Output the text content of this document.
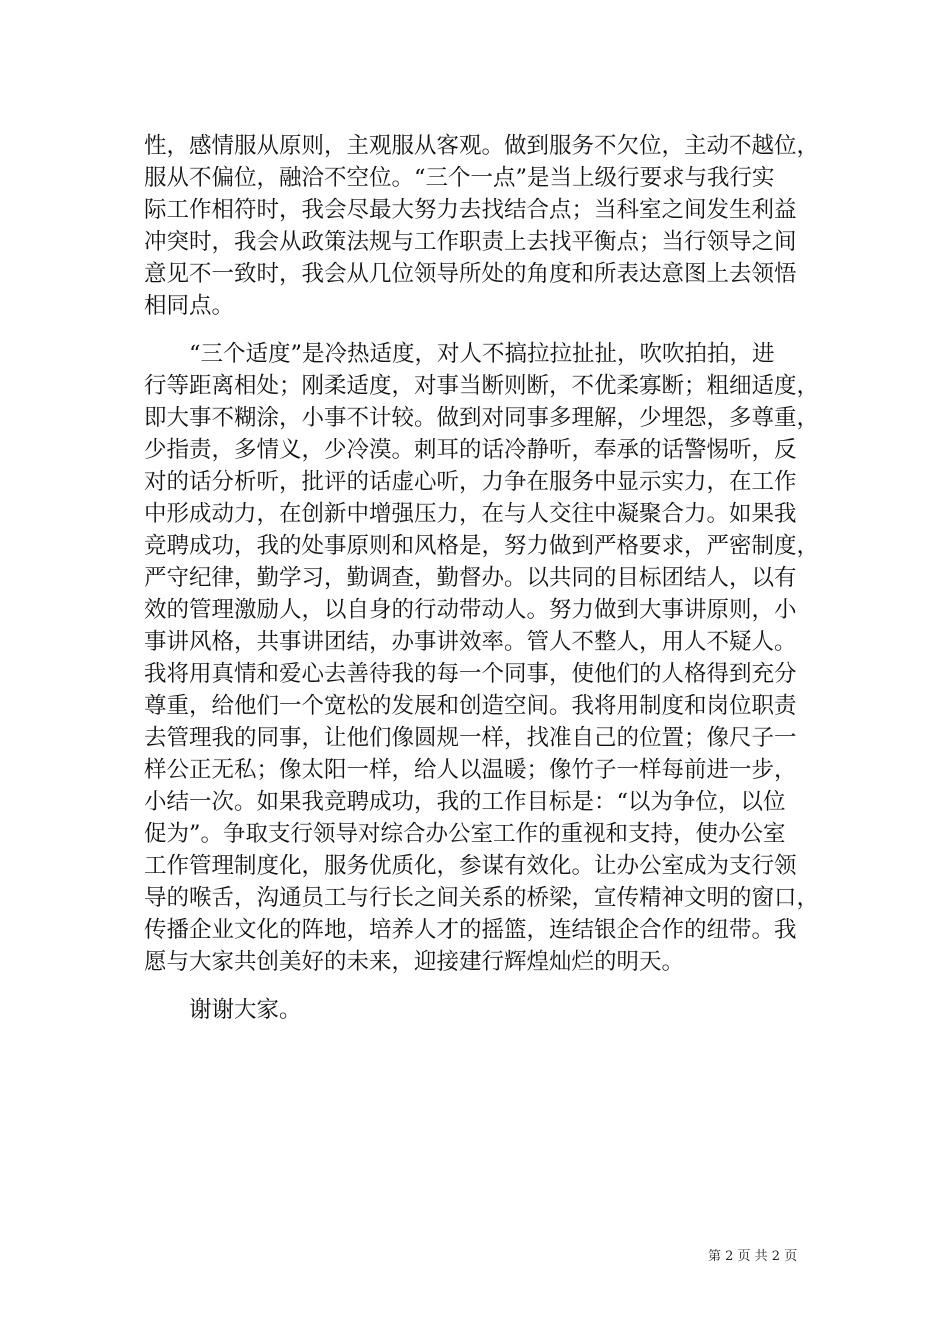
性，感情服从原则，主观服从客观。做到服务不欠位，主动不越位，
服从不偏位，融洽不空位。“三个一点”是当上级行要求与我行实
际工作相符时，我会尽最大努力去找结合点；当科室之间发生利益
冲突时，我会从政策法规与工作职责上去找平衡点；当行领导之间
意见不一致时，我会从几位领导所处的角度和所表达意图上去领悟
相同点。
　　“三个适度”是冷热适度，对人不搞拉拉扯扯，吹吹拍拍，进
行等距离相处；刚柔适度，对事当断则断，不优柔寡断；粗细适度，
即大事不糊涂，小事不计较。做到对同事多理解，少埋怨，多尊重，
少指责，多情义，少冷漠。刺耳的话冷静听，奉承的话警惕听，反
对的话分析听，批评的话虚心听，力争在服务中显示实力，在工作
中形成动力，在创新中增强压力，在与人交往中凝聚合力。如果我
竞聘成功，我的处事原则和风格是，努力做到严格要求，严密制度，
严守纪律，勤学习，勤调查，勤督办。以共同的目标团结人，以有
效的管理激励人，以自身的行动带动人。努力做到大事讲原则，小
事讲风格，共事讲团结，办事讲效率。管人不整人，用人不疑人。
我将用真情和爱心去善待我的每一个同事，使他们的人格得到充分
尊重，给他们一个宽松的发展和创造空间。我将用制度和岗位职责
去管理我的同事，让他们像圆规一样，找准自己的位置；像尺子一
样公正无私；像太阳一样，给人以温暖；像竹子一样每前进一步，
小结一次。如果我竞聘成功，我的工作目标是：“以为争位，以位
促为”。争取支行领导对综合办公室工作的重视和支持，使办公室
工作管理制度化，服务优质化，参谋有效化。让办公室成为支行领
导的喉舌，沟通员工与行长之间关系的桥梁，宣传精神文明的窗口，
传播企业文化的阵地，培养人才的摇篮，连结银企合作的纽带。我
愿与大家共创美好的未来，迎接建行辉煌灿烂的明天。
　　谢谢大家。
第 2 页 共 2 页
